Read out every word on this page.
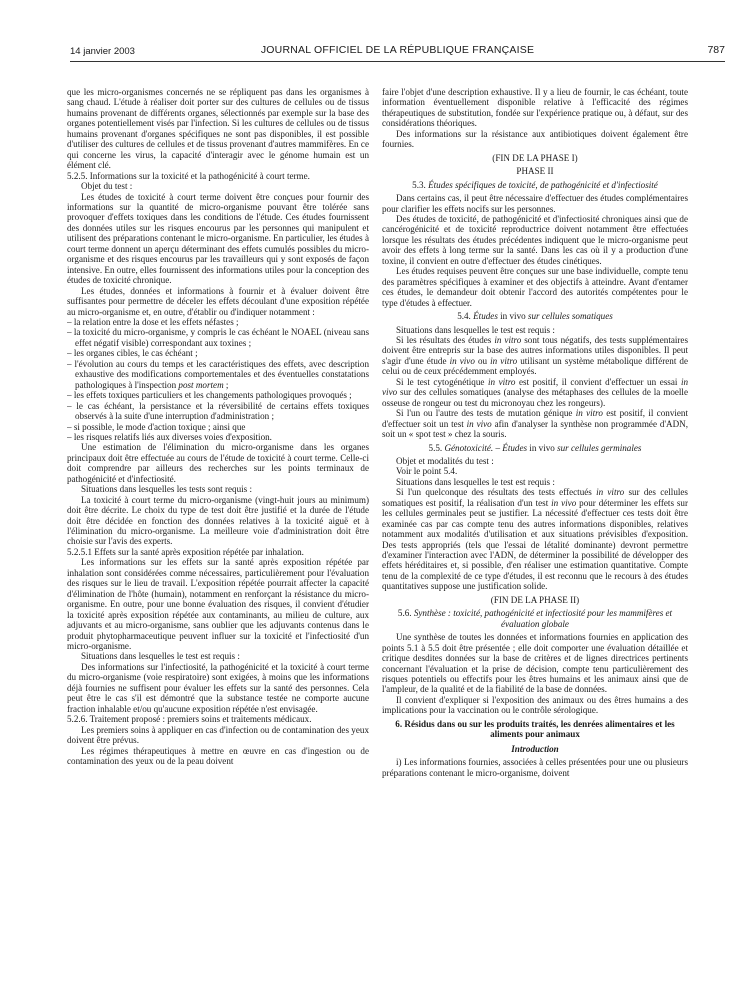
14 janvier 2003	JOURNAL OFFICIEL DE LA RÉPUBLIQUE FRANÇAISE	787

que les micro-organismes concernés ne se répliquent pas dans les organismes à sang chaud. L'étude à réaliser doit porter sur des cultures de cellules ou de tissus humains provenant de différents organes, sélectionnés par exemple sur la base des organes potentiellement visés par l'infection. Si les cultures de cellules ou de tissus humains provenant d'organes spécifiques ne sont pas disponibles, il est possible d'utiliser des cultures de cellules et de tissus provenant d'autres mammifères. En ce qui concerne les virus, la capacité d'interagir avec le génome humain est un élément clé.

5.2.5. Informations sur la toxicité et la pathogénicité à court terme.

Objet du test :

Les études de toxicité à court terme doivent être conçues pour fournir des informations sur la quantité de micro-organisme pouvant être tolérée sans provoquer d'effets toxiques dans les conditions de l'étude. Ces études fournissent des données utiles sur les risques encourus par les personnes qui manipulent et utilisent des préparations contenant le micro-organisme. En particulier, les études à court terme donnent un aperçu déterminant des effets cumulés possibles du micro-organisme et des risques encourus par les travailleurs qui y sont exposés de façon intensive. En outre, elles fournissent des informations utiles pour la conception des études de toxicité chronique.

Les études, données et informations à fournir et à évaluer doivent être suffisantes pour permettre de déceler les effets découlant d'une exposition répétée au micro-organisme et, en outre, d'établir ou d'indiquer notamment :

– la relation entre la dose et les effets néfastes ;

– la toxicité du micro-organisme, y compris le cas échéant le NOAEL (niveau sans effet négatif visible) correspondant aux toxines ;

– les organes cibles, le cas échéant ;

– l'évolution au cours du temps et les caractéristiques des effets, avec description exhaustive des modifications comportementales et des éventuelles constatations pathologiques à l'inspection post mortem ;

– les effets toxiques particuliers et les changements pathologiques provoqués ;

– le cas échéant, la persistance et la réversibilité de certains effets toxiques observés à la suite d'une interruption d'administration ;

– si possible, le mode d'action toxique ; ainsi que

– les risques relatifs liés aux diverses voies d'exposition.

Une estimation de l'élimination du micro-organisme dans les organes principaux doit être effectuée au cours de l'étude de toxicité à court terme. Celle-ci doit comprendre par ailleurs des recherches sur les points terminaux de pathogénicité et d'infectiosité.

Situations dans lesquelles les tests sont requis :

La toxicité à court terme du micro-organisme (vingt-huit jours au minimum) doit être décrite. Le choix du type de test doit être justifié et la durée de l'étude doit être décidée en fonction des données relatives à la toxicité aiguë et à l'élimination du micro-organisme. La meilleure voie d'administration doit être choisie sur l'avis des experts.

5.2.5.1 Effets sur la santé après exposition répétée par inhalation.

Les informations sur les effets sur la santé après exposition répétée par inhalation sont considérées comme nécessaires, particulièrement pour l'évaluation des risques sur le lieu de travail. L'exposition répétée pourrait affecter la capacité d'élimination de l'hôte (humain), notamment en renforçant la résistance du micro-organisme. En outre, pour une bonne évaluation des risques, il convient d'étudier la toxicité après exposition répétée aux contaminants, au milieu de culture, aux adjuvants et au micro-organisme, sans oublier que les adjuvants contenus dans le produit phytopharmaceutique peuvent influer sur la toxicité et l'infectiosité d'un micro-organisme.

Situations dans lesquelles le test est requis :

Des informations sur l'infectiosité, la pathogénicité et la toxicité à court terme du micro-organisme (voie respiratoire) sont exigées, à moins que les informations déjà fournies ne suffisent pour évaluer les effets sur la santé des personnes. Cela peut être le cas s'il est démontré que la substance testée ne comporte aucune fraction inhalable et/ou qu'aucune exposition répétée n'est envisagée.

5.2.6. Traitement proposé : premiers soins et traitements médicaux.

Les premiers soins à appliquer en cas d'infection ou de contamination des yeux doivent être prévus.

Les régimes thérapeutiques à mettre en œuvre en cas d'ingestion ou de contamination des yeux ou de la peau doivent

faire l'objet d'une description exhaustive. Il y a lieu de fournir, le cas échéant, toute information éventuellement disponible relative à l'efficacité des régimes thérapeutiques de substitution, fondée sur l'expérience pratique ou, à défaut, sur des considérations théoriques.

Des informations sur la résistance aux antibiotiques doivent également être fournies.

(FIN DE LA PHASE I)

PHASE II

5.3. Études spécifiques de toxicité, de pathogénicité et d'infectiosité

Dans certains cas, il peut être nécessaire d'effectuer des études complémentaires pour clarifier les effets nocifs sur les personnes.

Des études de toxicité, de pathogénicité et d'infectiosité chroniques ainsi que de cancérogénicité et de toxicité reproductrice doivent notamment être effectuées lorsque les résultats des études précédentes indiquent que le micro-organisme peut avoir des effets à long terme sur la santé. Dans les cas où il y a production d'une toxine, il convient en outre d'effectuer des études cinétiques.

Les études requises peuvent être conçues sur une base individuelle, compte tenu des paramètres spécifiques à examiner et des objectifs à atteindre. Avant d'entamer ces études, le demandeur doit obtenir l'accord des autorités compétentes pour le type d'études à effectuer.

5.4. Études in vivo sur cellules somatiques

Situations dans lesquelles le test est requis :

Si les résultats des études in vitro sont tous négatifs, des tests supplémentaires doivent être entrepris sur la base des autres informations utiles disponibles. Il peut s'agir d'une étude in vivo ou in vitro utilisant un système métabolique différent de celui ou de ceux précédemment employés.

Si le test cytogénétique in vitro est positif, il convient d'effectuer un essai in vivo sur des cellules somatiques (analyse des métaphases des cellules de la moelle osseuse de rongeur ou test du micronoyau chez les rongeurs).

Si l'un ou l'autre des tests de mutation génique in vitro est positif, il convient d'effectuer soit un test in vivo afin d'analyser la synthèse non programmée d'ADN, soit un « spot test » chez la souris.

5.5. Génotoxicité. – Études in vivo sur cellules germinales

Objet et modalités du test :

Voir le point 5.4.

Situations dans lesquelles le test est requis :

Si l'un quelconque des résultats des tests effectués in vitro sur des cellules somatiques est positif, la réalisation d'un test in vivo pour déterminer les effets sur les cellules germinales peut se justifier. La nécessité d'effectuer ces tests doit être examinée cas par cas compte tenu des autres informations disponibles, relatives notamment aux modalités d'utilisation et aux situations prévisibles d'exposition. Des tests appropriés (tels que l'essai de létalité dominante) devront permettre d'examiner l'interaction avec l'ADN, de déterminer la possibilité de développer des effets héréditaires et, si possible, d'en réaliser une estimation quantitative. Compte tenu de la complexité de ce type d'études, il est reconnu que le recours à des études quantitatives suppose une justification solide.

(FIN DE LA PHASE II)

5.6. Synthèse : toxicité, pathogénicité et infectiosité pour les mammifères et évaluation globale

Une synthèse de toutes les données et informations fournies en application des points 5.1 à 5.5 doit être présentée ; elle doit comporter une évaluation détaillée et critique desdites données sur la base de critères et de lignes directrices pertinents concernant l'évaluation et la prise de décision, compte tenu particulièrement des risques potentiels ou effectifs pour les êtres humains et les animaux ainsi que de l'ampleur, de la qualité et de la fiabilité de la base de données.

Il convient d'expliquer si l'exposition des animaux ou des êtres humains a des implications pour la vaccination ou le contrôle sérologique.

6. Résidus dans ou sur les produits traités, les denrées alimentaires et les aliments pour animaux

Introduction

i) Les informations fournies, associées à celles présentées pour une ou plusieurs préparations contenant le micro-organisme, doivent
